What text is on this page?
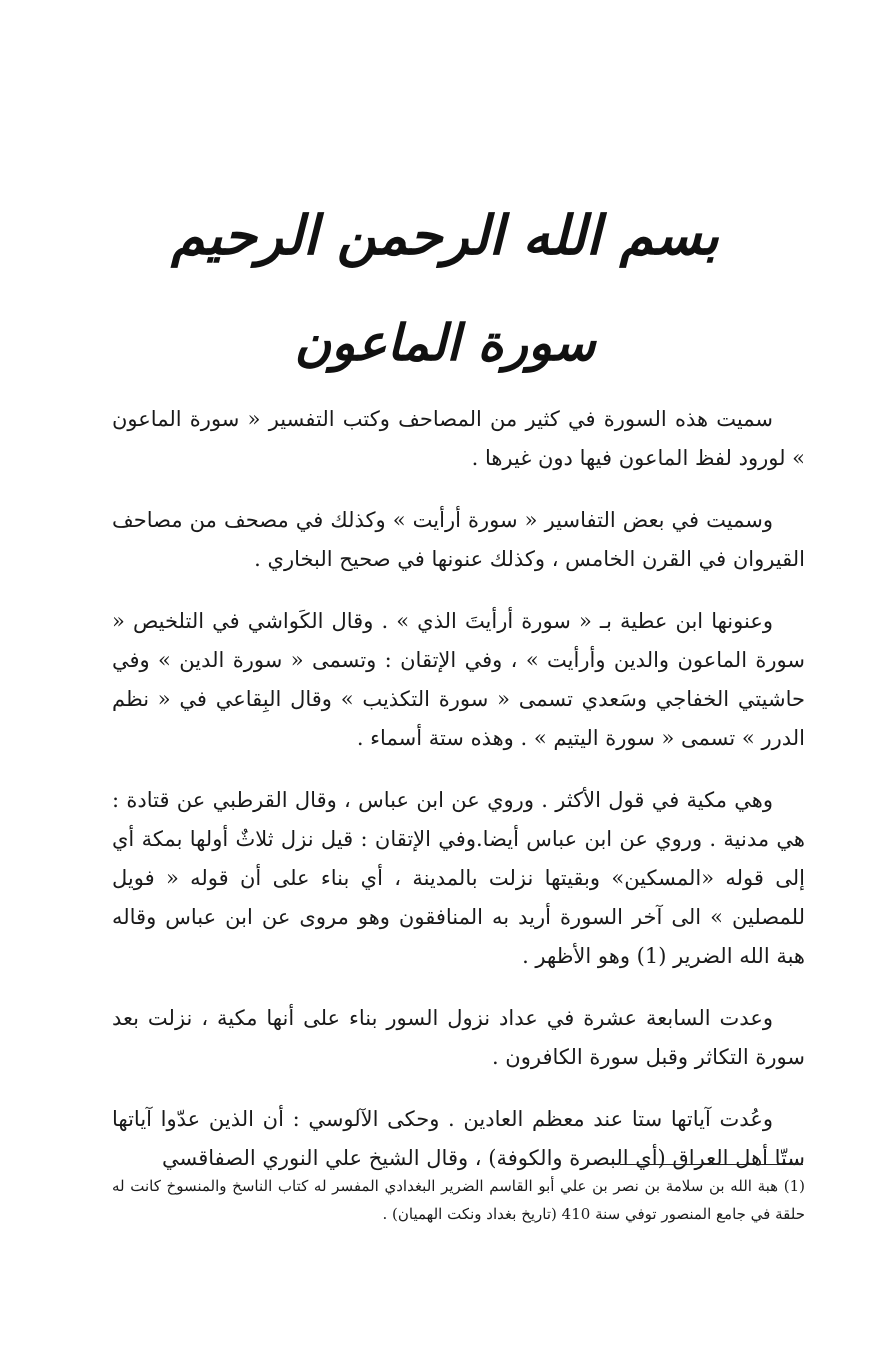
بسم الله الرحمن الرحيم
سورة الماعون

سميت هذه السورة في كثير من المصاحف وكتب التفسير « سورة الماعون » لورود لفظ الماعون فيها دون غيرها .

وسميت في بعض التفاسير « سورة أرأيت » وكذلك في مصحف من مصاحف القيروان في القرن الخامس ، وكذلك عنونها في صحيح البخاري .

وعنونها ابن عطية بـ « سورة أرأيتَ الذي » . وقال الكَواشي في التلخيص « سورة الماعون والدين وأرأيت » ، وفي الإتقان : وتسمى « سورة الدين » وفي حاشيتي الخفاجي وسَعدي تسمى « سورة التكذيب » وقال البِقاعي في « نظم الدرر » تسمى « سورة اليتيم » . وهذه ستة أسماء .

وهي مكية في قول الأكثر . وروي عن ابن عباس ، وقال القرطبي عن قتادة : هي مدنية . وروي عن ابن عباس أيضا.وفي الإتقان : قيل نزل ثلاثٌ أولها بمكة أي إلى قوله «المسكين» وبقيتها نزلت بالمدينة ، أي بناء على أن قوله « فويل للمصلين » الى آخر السورة أريد به المنافقون وهو مروى عن ابن عباس وقاله هبة الله الضرير (1) وهو الأظهر .

وعدت السابعة عشرة في عداد نزول السور بناء على أنها مكية ، نزلت بعد سورة التكاثر وقبل سورة الكافرون .

وعُدت آياتها ستا عند معظم العادين . وحكى الآلوسي : أن الذين عدّوا آياتها ستّا أهل العراق (أي البصرة والكوفة) ، وقال الشيخ علي النوري الصفاقسي

(1) هبة الله بن سلامة بن نصر بن علي أبو القاسم الضرير البغدادي المفسر له كتاب الناسخ والمنسوخ كانت له حلقة في جامع المنصور توفي سنة 410 (تاريخ بغداد ونكت الهميان) .
